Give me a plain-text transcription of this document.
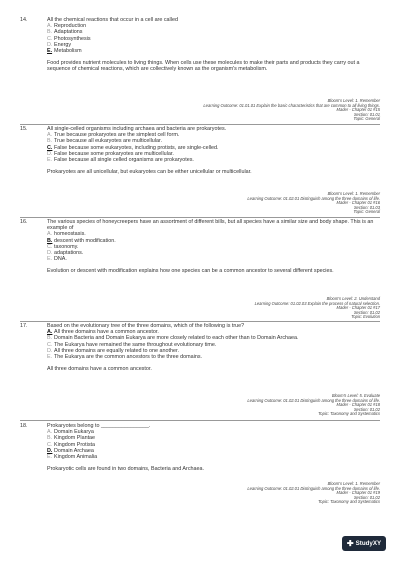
14.	All the chemical reactions that occur in a cell are called
A. Reproduction
B. Adaptations
C. Photosynthesis
D. Energy
E. Metabolism
Food provides nutrient molecules to living things. When cells use these molecules to make their parts and products they carry out a sequence of chemical reactions, which are collectively known as the organism's metabolism.
Bloom's Level: 1. Remember
Learning Outcome: 01.01.01 Explain the basic characteristics that are common to all living things.
Mader - Chapter 01 #15
Section: 01.01
Topic: General
15.	All single-celled organisms including archaea and bacteria are prokaryotes.
A. True because prokaryotes are the simplest cell form.
B. True because all eukaryotes are multicellular.
C. False because some eukaryotes, including protists, are single-celled.
D. False because some prokaryotes are multicellular.
E. False because all single celled organisms are prokaryotes.
Prokaryotes are all unicellular, but eukaryotes can be either unicellular or multicellular.
Bloom's Level: 1. Remember
Learning Outcome: 01.02.01 Distinguish among the three domains of life.
Mader - Chapter 01 #16
Section: 01.03
Topic: General
16.	The various species of honeycreepers have an assortment of different bills, but all species have a similar size and body shape. This is an example of
A. homeostasis.
B. descent with modification.
C. taxonomy.
D. adaptations.
E. DNA.
Evolution or descent with modification explains how one species can be a common ancestor to several different species.
Bloom's Level: 2. Understand
Learning Outcome: 01.02.03 Explain the process of natural selection.
Mader - Chapter 01 #17
Section: 01.02
Topic: Evolution
17.	Based on the evolutionary tree of the three domains, which of the following is true?
A. All three domains have a common ancestor.
B. Domain Bacteria and Domain Eukarya are more closely related to each other than to Domain Archaea.
C. The Eukarya have remained the same throughout evolutionary time.
D. All three domains are equally related to one another.
E. The Eukarya are the common ancestors to the three domains.
All three domains have a common ancestor.
Bloom's Level: 5. Evaluate
Learning Outcome: 01.02.01 Distinguish among the three domains of life.
Mader - Chapter 01 #18
Section: 01.02
Topic: Taxonomy and Systematics
18.	Prokaryotes belong to ________________.
A. Domain Eukarya
B. Kingdom Plantae
C. Kingdom Protista
D. Domain Archaea
E. Kingdom Animalia
Prokaryotic cells are found in two domains, Bacteria and Archaea.
Bloom's Level: 1. Remember
Learning Outcome: 01.02.01 Distinguish among the three domains of life.
Mader - Chapter 01 #19
Section: 01.02
Topic: Taxonomy and Systematics
✚ StudyXY
